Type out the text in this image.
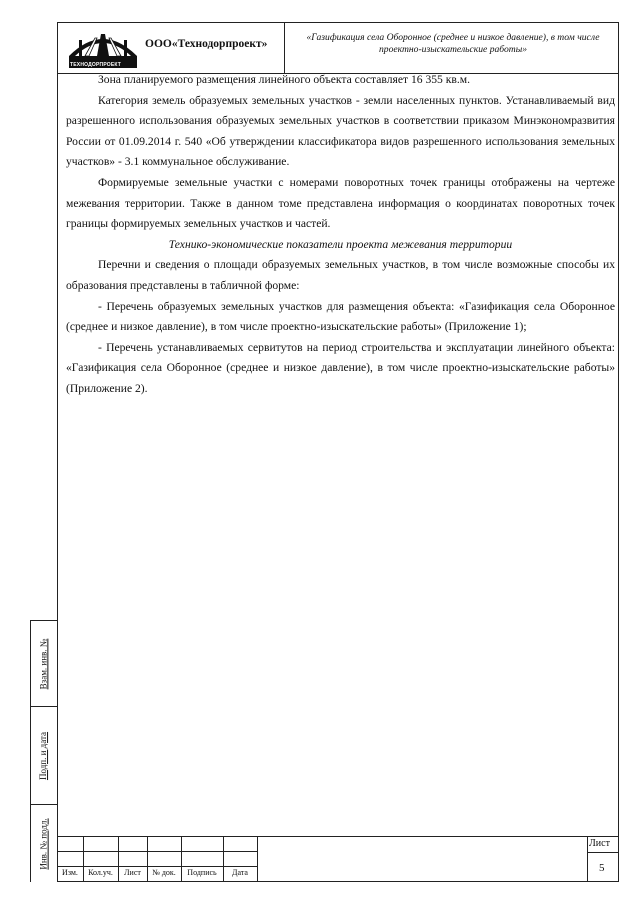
ТЕХНОДОРПРОЕКТ
ООО«Технодорпроект»
«Газификация села Оборонное (среднее и низкое давление), в том числе
проектно-изыскательские работы»

Зона планируемого размещения линейного объекта составляет 16 355 кв.м.

Категория земель образуемых земельных участков - земли населенных пунктов. Устанавливаемый вид разрешенного использования образуемых земельных участков в соответствии приказом Минэкономразвития России от 01.09.2014 г. 540 «Об утверждении классификатора видов разрешенного использования земельных участков» - 3.1 коммунальное обслуживание.

Формируемые земельные участки с номерами поворотных точек границы отображены на чертеже межевания территории. Также в данном томе представлена информация о координатах поворотных точек границы формируемых земельных участков и частей.

Технико-экономические показатели проекта межевания территории

Перечни и сведения о площади образуемых земельных участков, в том числе возможные способы их образования представлены в табличной форме:

- Перечень образуемых земельных участков для размещения объекта: «Газификация села Оборонное (среднее и низкое давление), в том числе проектно-изыскательские работы» (Приложение 1);

- Перечень устанавливаемых сервитутов на период строительства и эксплуатации линейного объекта: «Газификация села Оборонное (среднее и низкое давление), в том числе проектно-изыскательские работы» (Приложение 2).

Взам. инв. №
Подп. и дата
Инв. № подл.
Изм.	Кол.уч.	Лист	№ док.	Подпись	Дата
Лист
5
